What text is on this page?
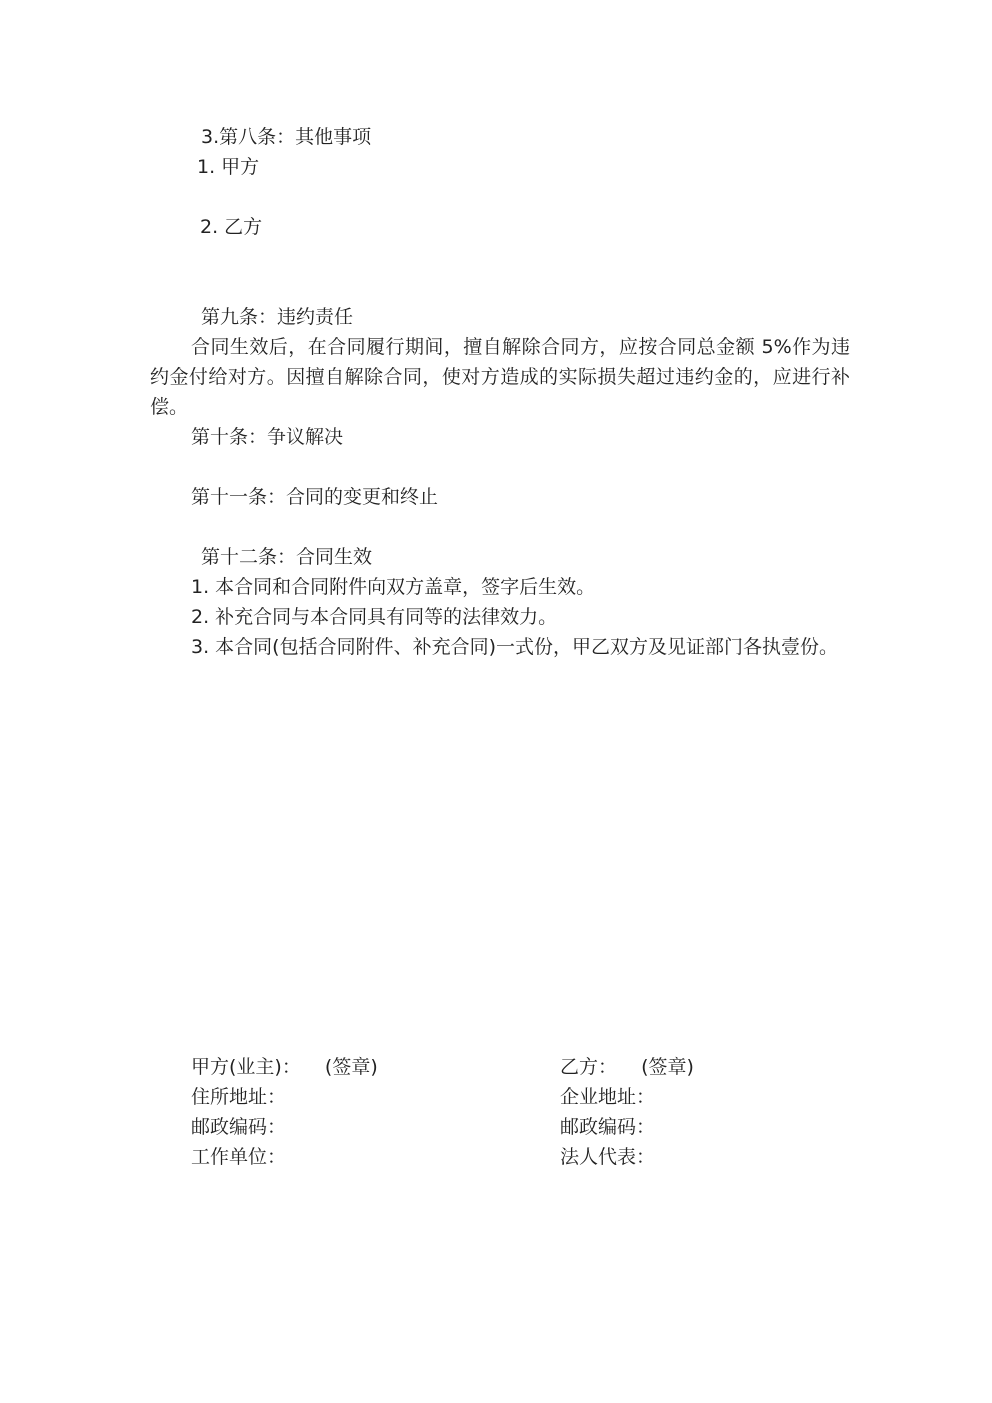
3.第八条：其他事项
1. 甲方
2. 乙方
第九条：违约责任
合同生效后，在合同履行期间，擅自解除合同方，应按合同总金额 5%作为违约金付给对方。因擅自解除合同，使对方造成的实际损失超过违约金的，应进行补偿。
第十条：争议解决
第十一条：合同的变更和终止
第十二条：合同生效
1. 本合同和合同附件向双方盖章，签字后生效。
2. 补充合同与本合同具有同等的法律效力。
3. 本合同(包括合同附件、补充合同)一式份，甲乙双方及见证部门各执壹份。
甲方(业主)： (签章)
住所地址：
邮政编码：
工作单位：
乙方： (签章)
企业地址：
邮政编码：
法人代表：
